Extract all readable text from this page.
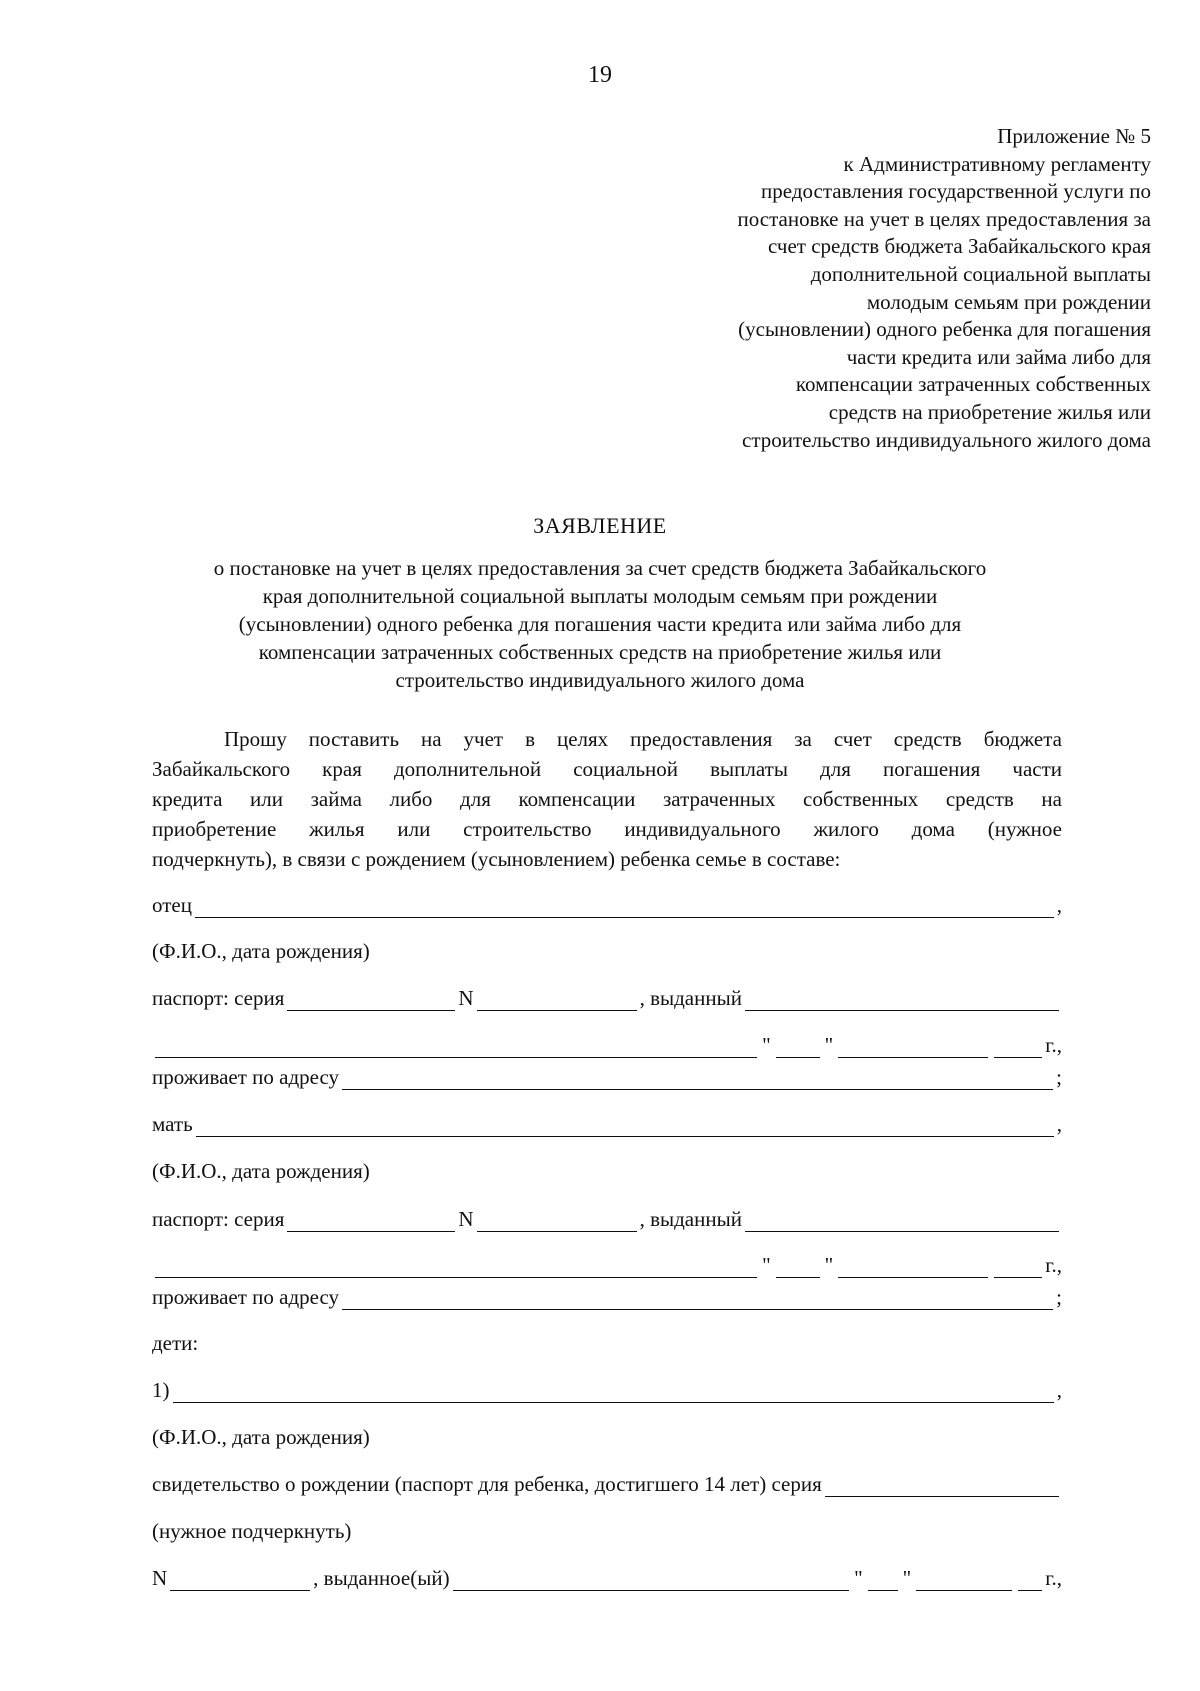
19
Приложение № 5
к Административному регламенту
предоставления государственной услуги по
постановке на учет в целях предоставления за
счет средств бюджета Забайкальского края
дополнительной социальной выплаты
молодым семьям при рождении
(усыновлении) одного ребенка для погашения
части кредита или займа либо для
компенсации затраченных собственных
средств на приобретение жилья или
строительство индивидуального жилого дома
ЗАЯВЛЕНИЕ
о постановке на учет в целях предоставления за счет средств бюджета Забайкальского
края дополнительной социальной выплаты молодым семьям при рождении
(усыновлении) одного ребенка для погашения части кредита или займа либо для
компенсации затраченных собственных средств на приобретение жилья или
строительство индивидуального жилого дома
Прошу поставить на учет в целях предоставления за счет средств бюджета
Забайкальского края дополнительной социальной выплаты для погашения части
кредита или займа либо для компенсации затраченных собственных средств на
приобретение жилья или строительство индивидуального жилого дома (нужное
подчеркнуть), в связи с рождением (усыновлением) ребенка семье в составе:
отец	,
(Ф.И.О., дата рождения)
паспорт: серия	N	, выданный
"	"	г.,
проживает по адресу	;
мать	,
(Ф.И.О., дата рождения)
паспорт: серия	N	, выданный
"	"	г.,
проживает по адресу	;
дети:
1)	,
(Ф.И.О., дата рождения)
свидетельство о рождении (паспорт для ребенка, достигшего 14 лет) серия
(нужное подчеркнуть)
N	, выданное(ый)	" "	г.,
